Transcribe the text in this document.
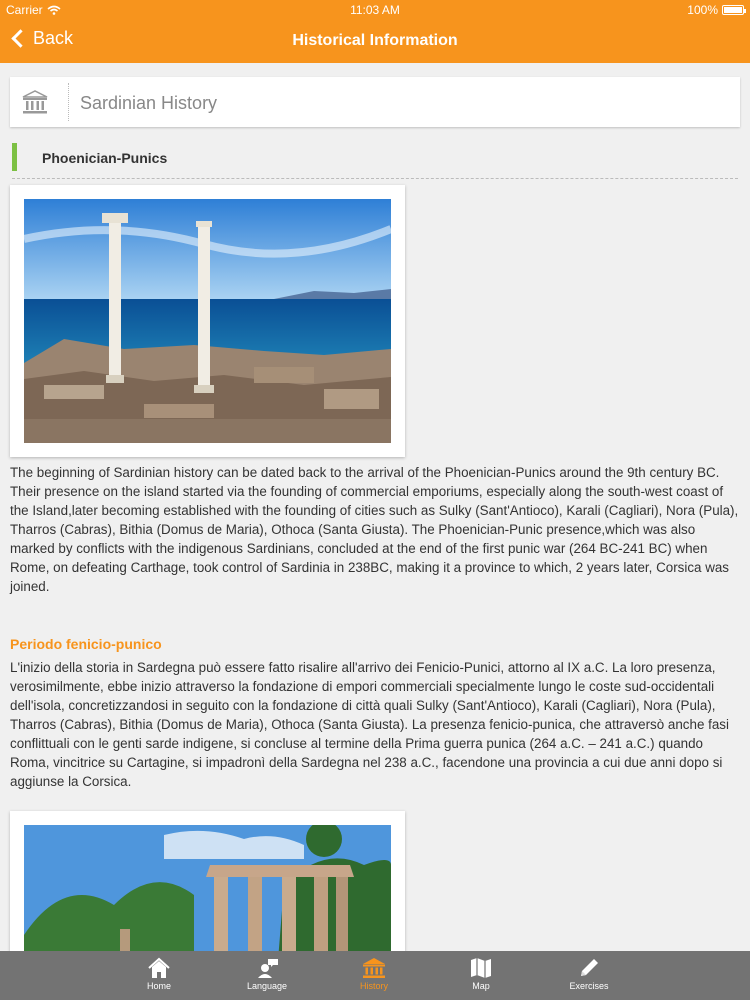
Carrier	11:03 AM	100%
Back	Historical Information
Sardinian History
Phoenician-Punics
The beginning of Sardinian history can be dated back to the arrival of the Phoenician-Punics around the 9th century BC. Their presence on the island started via the founding of commercial emporiums, especially along the south-west coast of the Island,later becoming established with the founding of cities such as Sulky (Sant'Antioco), Karali (Cagliari), Nora (Pula), Tharros (Cabras), Bithia (Domus de Maria), Othoca (Santa Giusta). The Phoenician-Punic presence,which was also marked by conflicts with the indigenous Sardinians, concluded at the end of the first punic war (264 BC-241 BC) when Rome, on defeating Carthage, took control of Sardinia in 238BC, making it a province to which, 2 years later, Corsica was joined.
Periodo fenicio-punico
L'inizio della storia in Sardegna può essere fatto risalire all'arrivo dei Fenicio-Punici, attorno al IX a.C. La loro presenza, verosimilmente, ebbe inizio attraverso la fondazione di empori commerciali specialmente lungo le coste sud-occidentali dell'isola, concretizzandosi in seguito con la fondazione di città quali Sulky (Sant'Antioco), Karali (Cagliari), Nora (Pula), Tharros (Cabras), Bithia (Domus de Maria), Othoca (Santa Giusta). La presenza fenicio-punica, che attraversò anche fasi conflittuali con le genti sarde indigene, si concluse al termine della Prima guerra punica (264 a.C. – 241 a.C.) quando Roma, vincitrice su Cartagine, si impadronì della Sardegna nel 238 a.C., facendone una provincia a cui due anni dopo si aggiunse la Corsica.
Home	Language	History	Map	Exercises
